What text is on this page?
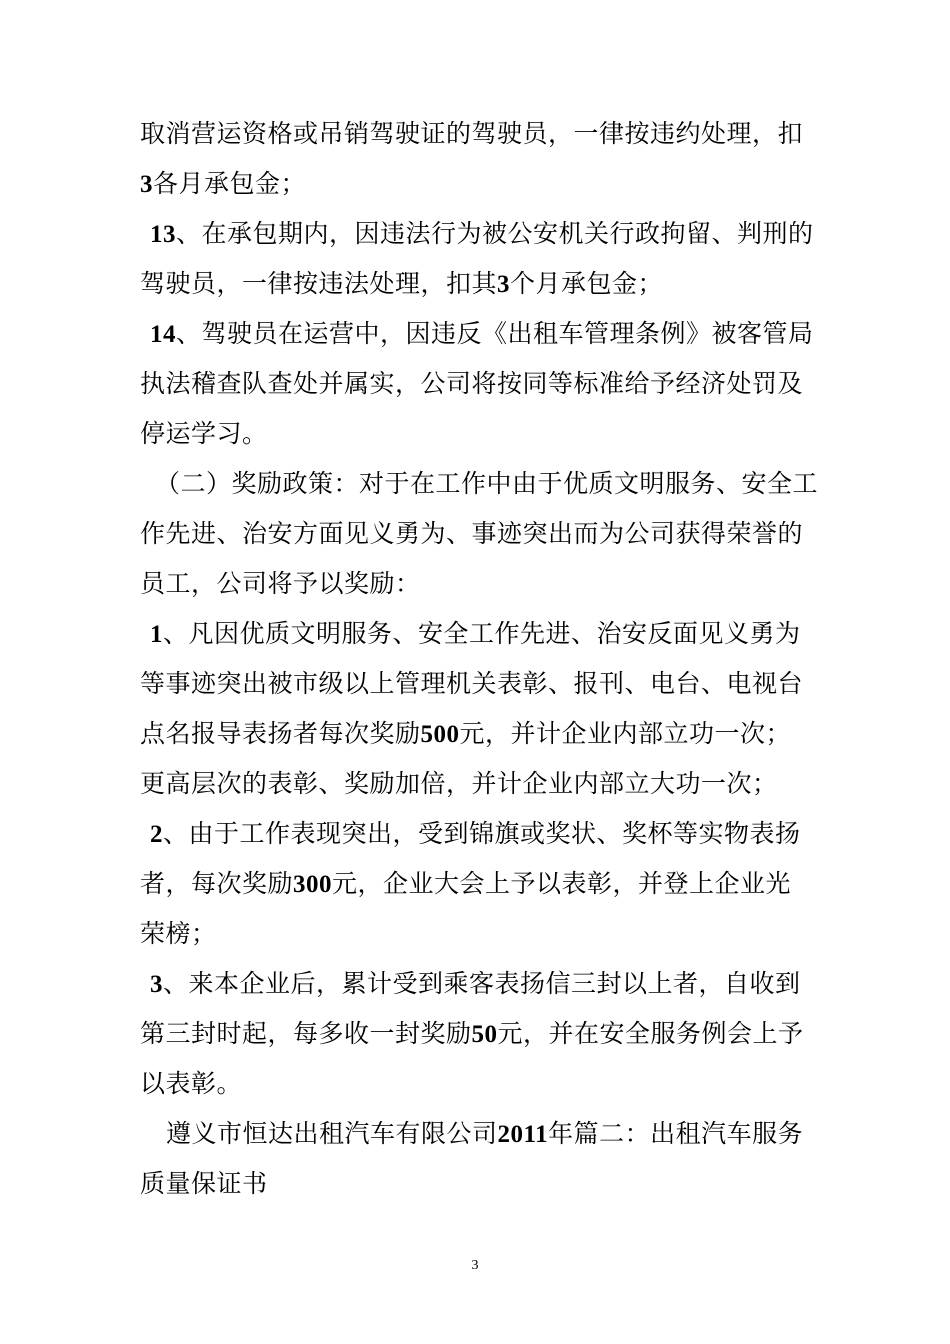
取消营运资格或吊销驾驶证的驾驶员，一律按违约处理，扣
3各月承包金；
13、在承包期内，因违法行为被公安机关行政拘留、判刑的
驾驶员，一律按违法处理，扣其3个月承包金；
14、驾驶员在运营中，因违反《出租车管理条例》被客管局
执法稽查队查处并属实，公司将按同等标准给予经济处罚及
停运学习。
（二）奖励政策：对于在工作中由于优质文明服务、安全工
作先进、治安方面见义勇为、事迹突出而为公司获得荣誉的
员工，公司将予以奖励：
1、凡因优质文明服务、安全工作先进、治安反面见义勇为
等事迹突出被市级以上管理机关表彰、报刊、电台、电视台
点名报导表扬者每次奖励500元，并计企业内部立功一次；
更高层次的表彰、奖励加倍，并计企业内部立大功一次；
2、由于工作表现突出，受到锦旗或奖状、奖杯等实物表扬
者，每次奖励300元，企业大会上予以表彰，并登上企业光
荣榜；
3、来本企业后，累计受到乘客表扬信三封以上者，自收到
第三封时起，每多收一封奖励50元，并在安全服务例会上予
以表彰。
遵义市恒达出租汽车有限公司2011年篇二：出租汽车服务
质量保证书
3
